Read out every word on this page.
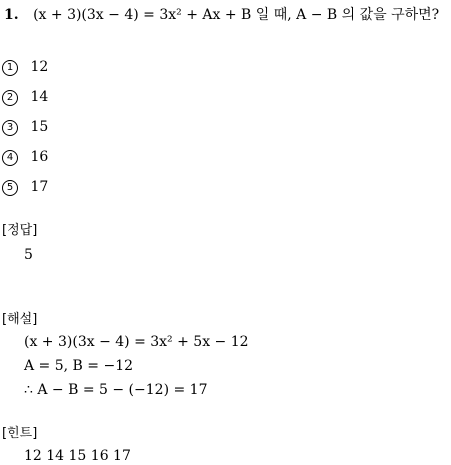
1. (x + 3)(3x − 4) = 3x² + Ax + B 일 때, A − B 의 값을 구하면?
1 12
2 14
3 15
4 16
5 17
[정답]
5
[해설]
(x + 3)(3x − 4) = 3x² + 5x − 12
A = 5, B = −12
∴ A − B = 5 − (−12) = 17
[힌트]
12 14 15 16 17
